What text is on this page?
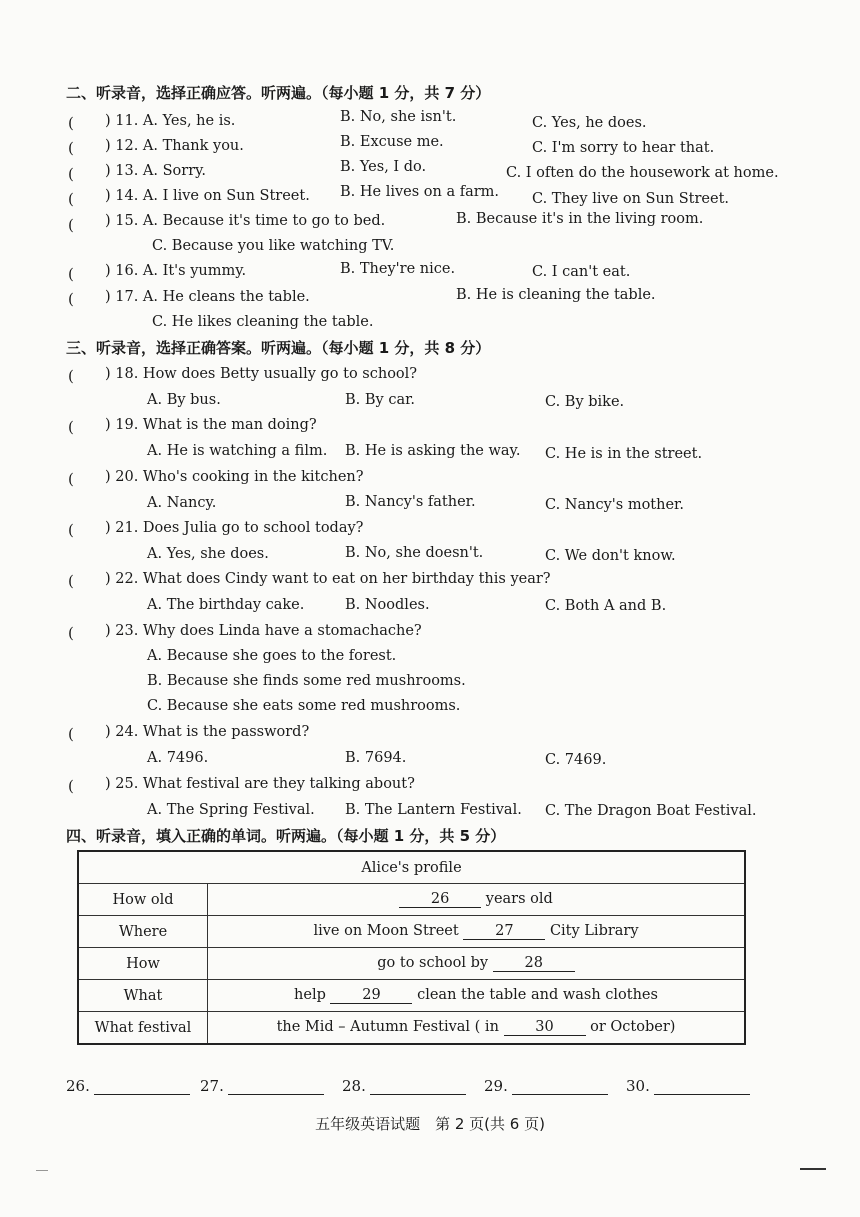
二、听录音，选择正确应答。听两遍。（每小题 1 分，共 7 分）
( ) 11. A. Yes, he is.	B. No, she isn't.	C. Yes, he does.
( ) 12. A. Thank you.	B. Excuse me.	C. I'm sorry to hear that.
( ) 13. A. Sorry.	B. Yes, I do.	C. I often do the housework at home.
( ) 14. A. I live on Sun Street. B. He lives on a farm. C. They live on Sun Street.
( ) 15. A. Because it's time to go to bed.	B. Because it's in the living room.
C. Because you like watching TV.
( ) 16. A. It's yummy.	B. They're nice.	C. I can't eat.
( ) 17. A. He cleans the table.	B. He is cleaning the table.
C. He likes cleaning the table.
三、听录音，选择正确答案。听两遍。（每小题 1 分，共 8 分）
( ) 18. How does Betty usually go to school?
A. By bus.	B. By car.	C. By bike.
( ) 19. What is the man doing?
A. He is watching a film. B. He is asking the way. C. He is in the street.
( ) 20. Who's cooking in the kitchen?
A. Nancy.	B. Nancy's father.	C. Nancy's mother.
( ) 21. Does Julia go to school today?
A. Yes, she does.	B. No, she doesn't.	C. We don't know.
( ) 22. What does Cindy want to eat on her birthday this year?
A. The birthday cake.	B. Noodles.	C. Both A and B.
( ) 23. Why does Linda have a stomachache?
A. Because she goes to the forest.
B. Because she finds some red mushrooms.
C. Because she eats some red mushrooms.
( ) 24. What is the password?
A. 7496.	B. 7694.	C. 7469.
( ) 25. What festival are they talking about?
A. The Spring Festival. B. The Lantern Festival. C. The Dragon Boat Festival.
四、听录音，填入正确的单词。听两遍。（每小题 1 分，共 5 分）
Alice's profile	
How old	26 years old
Where	live on Moon Street 27 City Library
How	go to school by 28
What	help 29 clean the table and wash clothes
What festival	the Mid – Autumn Festival ( in 30 or October)
26.	27.	28.	29.	30.
五年级英语试题　第 2 页(共 6 页)
